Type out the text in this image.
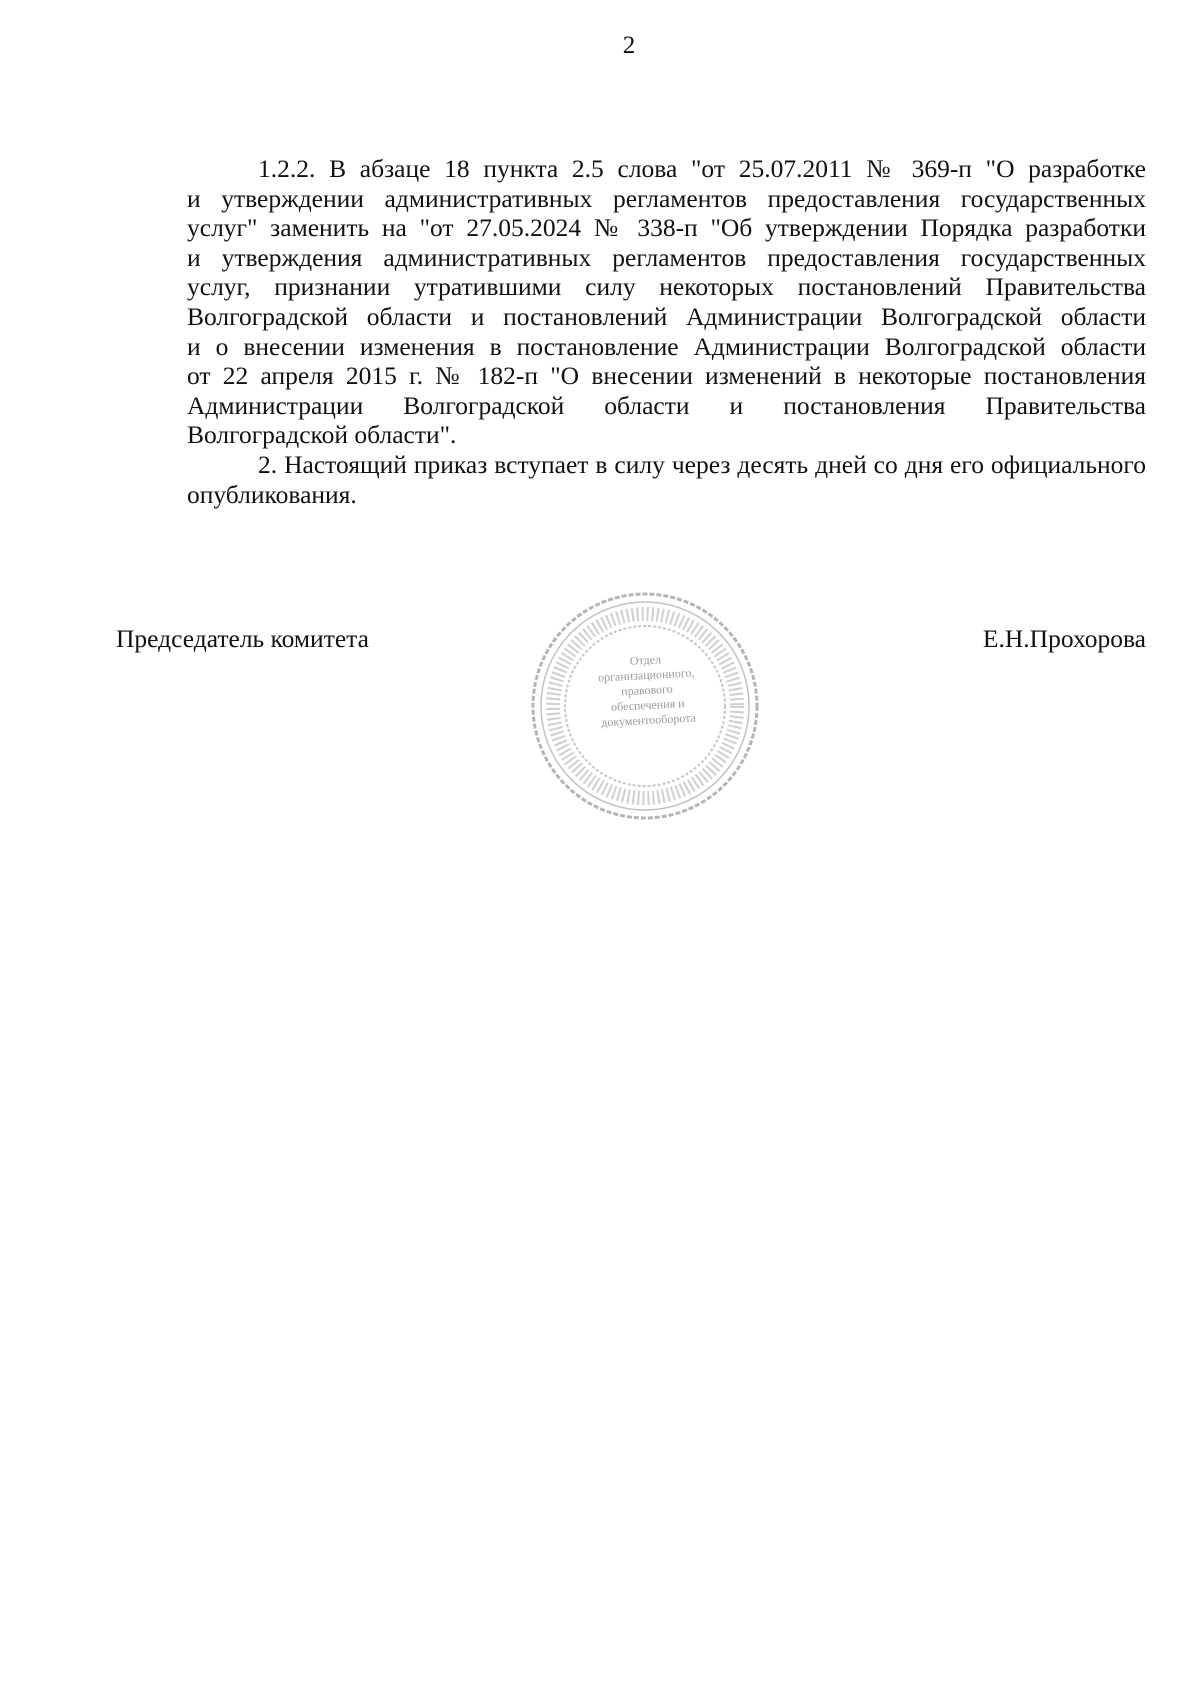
2
1.2.2. В абзаце 18 пункта 2.5 слова "от 25.07.2011 № 369-п "О разработке
и утверждении административных регламентов предоставления государственных
услуг" заменить на "от 27.05.2024 № 338-п "Об утверждении Порядка разработки
и утверждения административных регламентов предоставления государственных
услуг, признании утратившими силу некоторых постановлений Правительства
Волгоградской области и постановлений Администрации Волгоградской области
и о внесении изменения в постановление Администрации Волгоградской области
от 22 апреля 2015 г. № 182-п "О внесении изменений в некоторые постановления
Администрации Волгоградской области и постановления Правительства
Волгоградской области".
2. Настоящий приказ вступает в силу через десять дней со дня его официального
опубликования.
Председатель комитета	Е.Н.Прохорова
Отдел
организационного,
правового
обеспечения и
документооборота
